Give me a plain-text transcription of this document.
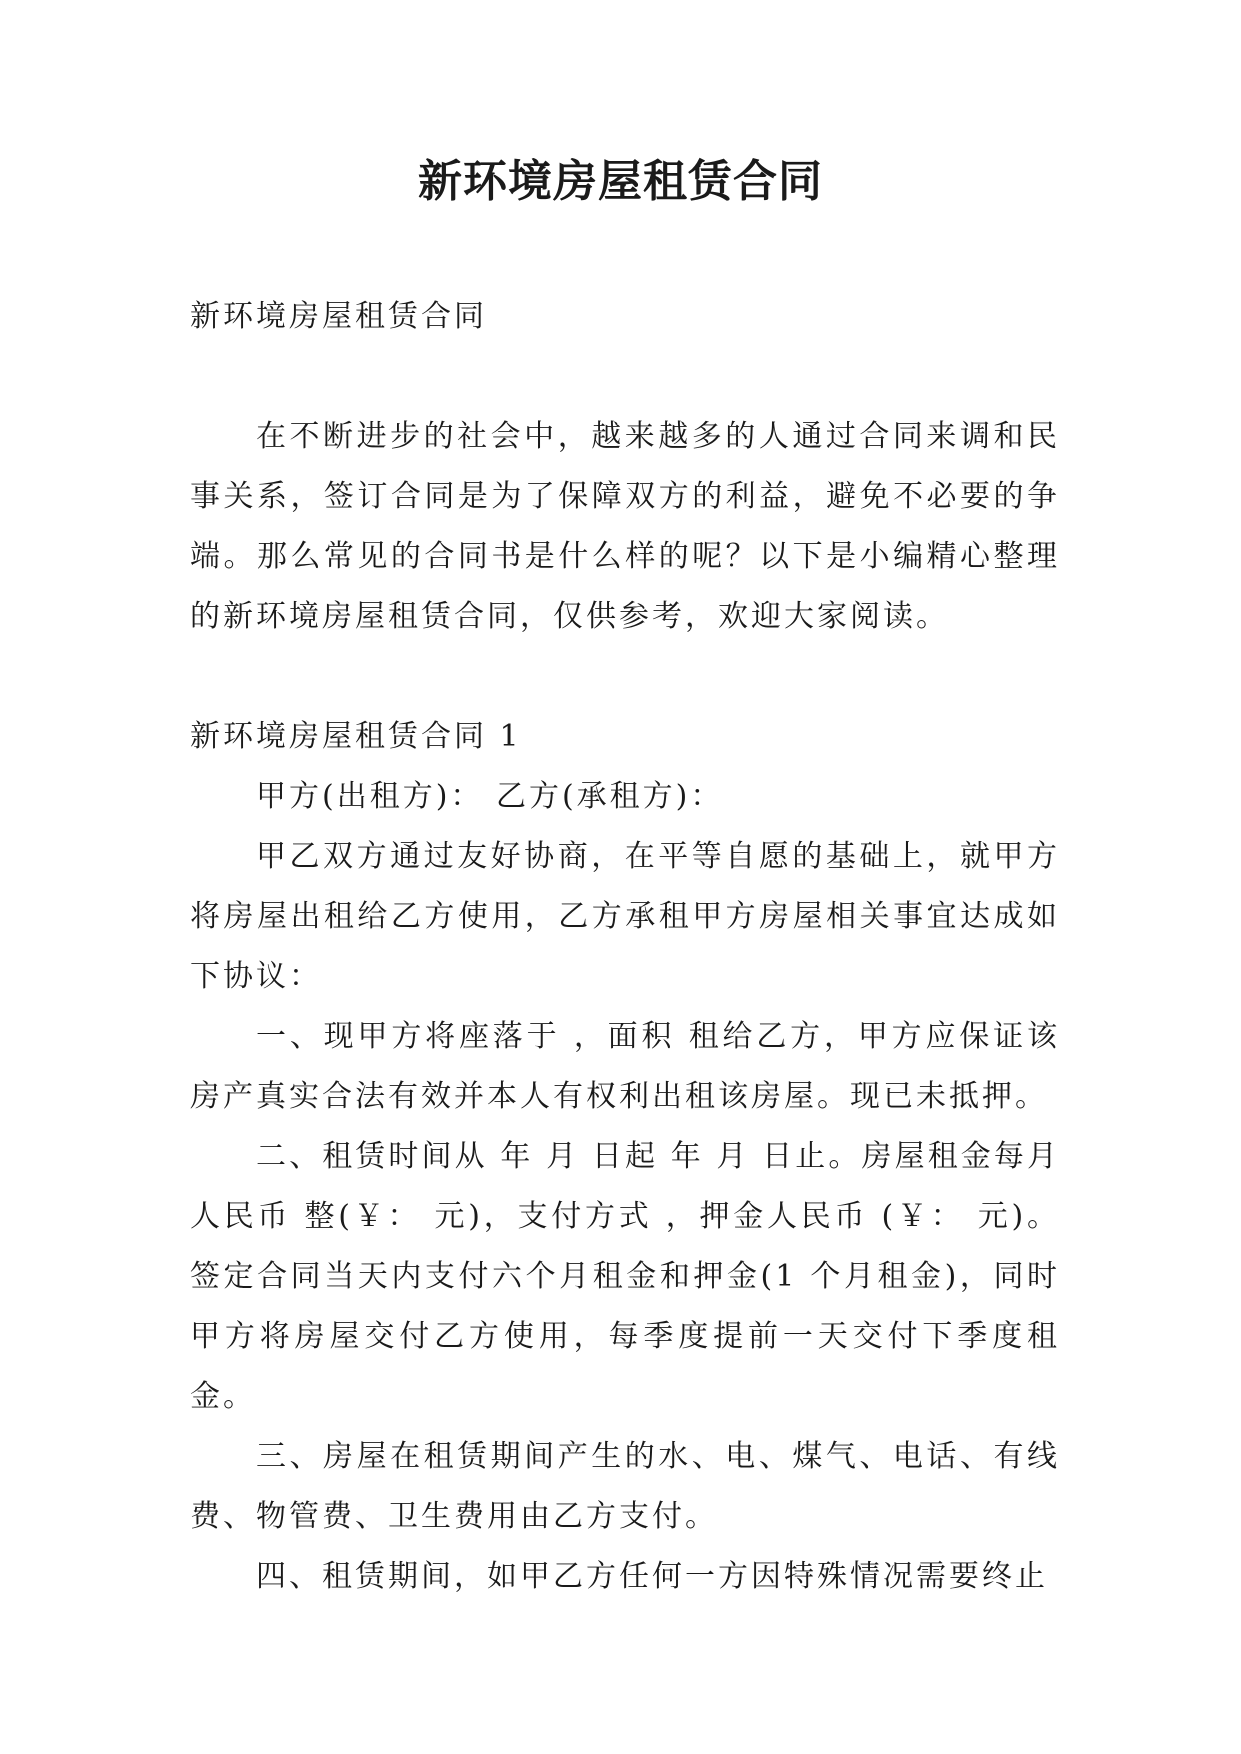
新环境房屋租赁合同

新环境房屋租赁合同

在不断进步的社会中，越来越多的人通过合同来调和民事关系，签订合同是为了保障双方的利益，避免不必要的争端。那么常见的合同书是什么样的呢？以下是小编精心整理的新环境房屋租赁合同，仅供参考，欢迎大家阅读。

新环境房屋租赁合同 1

甲方(出租方)： 乙方(承租方)：

甲乙双方通过友好协商，在平等自愿的基础上，就甲方将房屋出租给乙方使用，乙方承租甲方房屋相关事宜达成如下协议：

一、现甲方将座落于 ，面积 租给乙方，甲方应保证该房产真实合法有效并本人有权利出租该房屋。现已未抵押。

二、租赁时间从 年 月 日起 年 月 日止。房屋租金每月人民币 整(￥： 元)，支付方式 ，押金人民币 (￥： 元)。签定合同当天内支付六个月租金和押金(1 个月租金)，同时甲方将房屋交付乙方使用，每季度提前一天交付下季度租金。

三、房屋在租赁期间产生的水、电、煤气、电话、有线费、物管费、卫生费用由乙方支付。

四、租赁期间，如甲乙方任何一方因特殊情况需要终止
